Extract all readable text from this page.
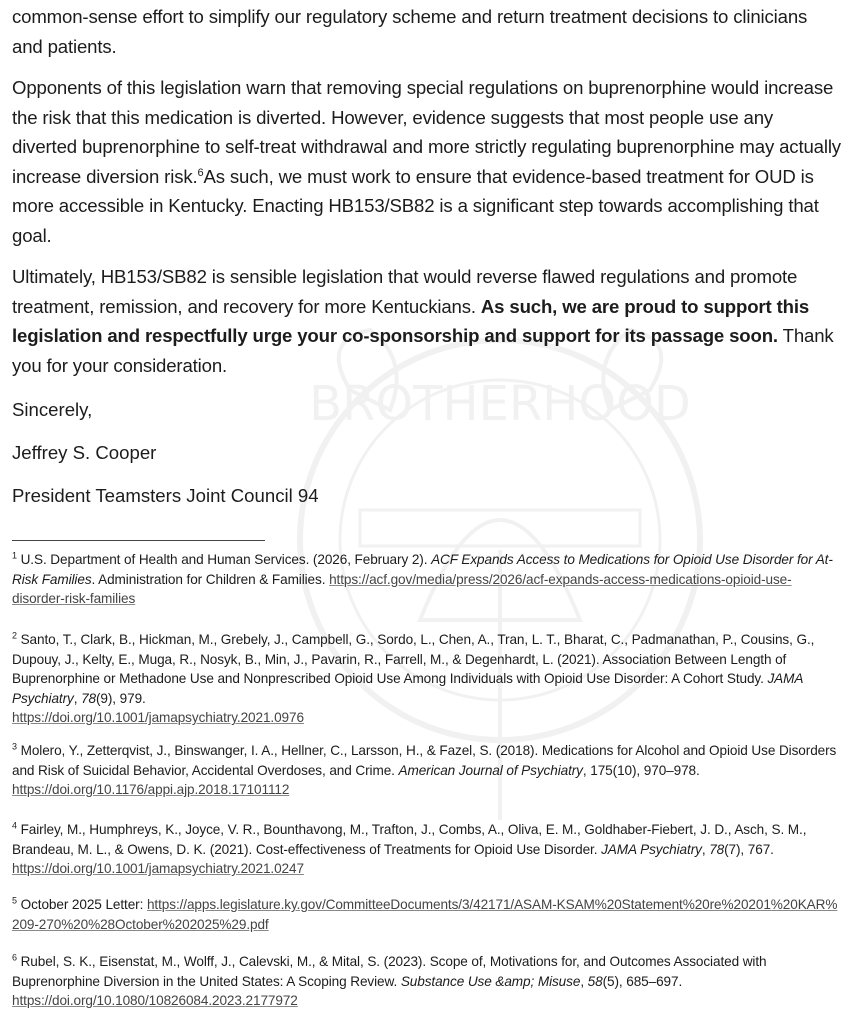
BROTHERHOOD

common-sense effort to simplify our regulatory scheme and return treatment decisions to clinicians and patients.

Opponents of this legislation warn that removing special regulations on buprenorphine would increase the risk that this medication is diverted. However, evidence suggests that most people use any diverted buprenorphine to self-treat withdrawal and more strictly regulating buprenorphine may actually increase diversion risk.$^6$As such, we must work to ensure that evidence-based treatment for OUD is more accessible in Kentucky. Enacting HB153/SB82 is a significant step towards accomplishing that goal.

Ultimately, HB153/SB82 is sensible legislation that would reverse flawed regulations and promote treatment, remission, and recovery for more Kentuckians. As such, we are proud to support this legislation and respectfully urge your co-sponsorship and support for its passage soon. Thank you for your consideration.

Sincerely,

Jeffrey S. Cooper

President Teamsters Joint Council 94

$^1$ U.S. Department of Health and Human Services. (2026, February 2). ACF Expands Access to Medications for Opioid Use Disorder for At-Risk Families. Administration for Children & Families. https://acf.gov/media/press/2026/acf-expands-access-medications-opioid-use-disorder-risk-families

$^2$ Santo, T., Clark, B., Hickman, M., Grebely, J., Campbell, G., Sordo, L., Chen, A., Tran, L. T., Bharat, C., Padmanathan, P., Cousins, G., Dupouy, J., Kelty, E., Muga, R., Nosyk, B., Min, J., Pavarin, R., Farrell, M., & Degenhardt, L. (2021). Association Between Length of Buprenorphine or Methadone Use and Nonprescribed Opioid Use Among Individuals with Opioid Use Disorder: A Cohort Study. JAMA Psychiatry, 78(9), 979.
https://doi.org/10.1001/jamapsychiatry.2021.0976

$^3$ Molero, Y., Zetterqvist, J., Binswanger, I. A., Hellner, C., Larsson, H., & Fazel, S. (2018). Medications for Alcohol and Opioid Use Disorders and Risk of Suicidal Behavior, Accidental Overdoses, and Crime. American Journal of Psychiatry, 175(10), 970–978. https://doi.org/10.1176/appi.ajp.2018.17101112

$^4$ Fairley, M., Humphreys, K., Joyce, V. R., Bounthavong, M., Trafton, J., Combs, A., Oliva, E. M., Goldhaber-Fiebert, J. D., Asch, S. M., Brandeau, M. L., & Owens, D. K. (2021). Cost-effectiveness of Treatments for Opioid Use Disorder. JAMA Psychiatry, 78(7), 767. https://doi.org/10.1001/jamapsychiatry.2021.0247

$^5$ October 2025 Letter: https://apps.legislature.ky.gov/CommitteeDocuments/3/42171/ASAM-KSAM%20Statement%20re%20201%20KAR%209-270%20%28October%202025%29.pdf

$^6$ Rubel, S. K., Eisenstat, M., Wolff, J., Calevski, M., & Mital, S. (2023). Scope of, Motivations for, and Outcomes Associated with Buprenorphine Diversion in the United States: A Scoping Review. Substance Use &amp; Misuse, 58(5), 685–697. https://doi.org/10.1080/10826084.2023.2177972
